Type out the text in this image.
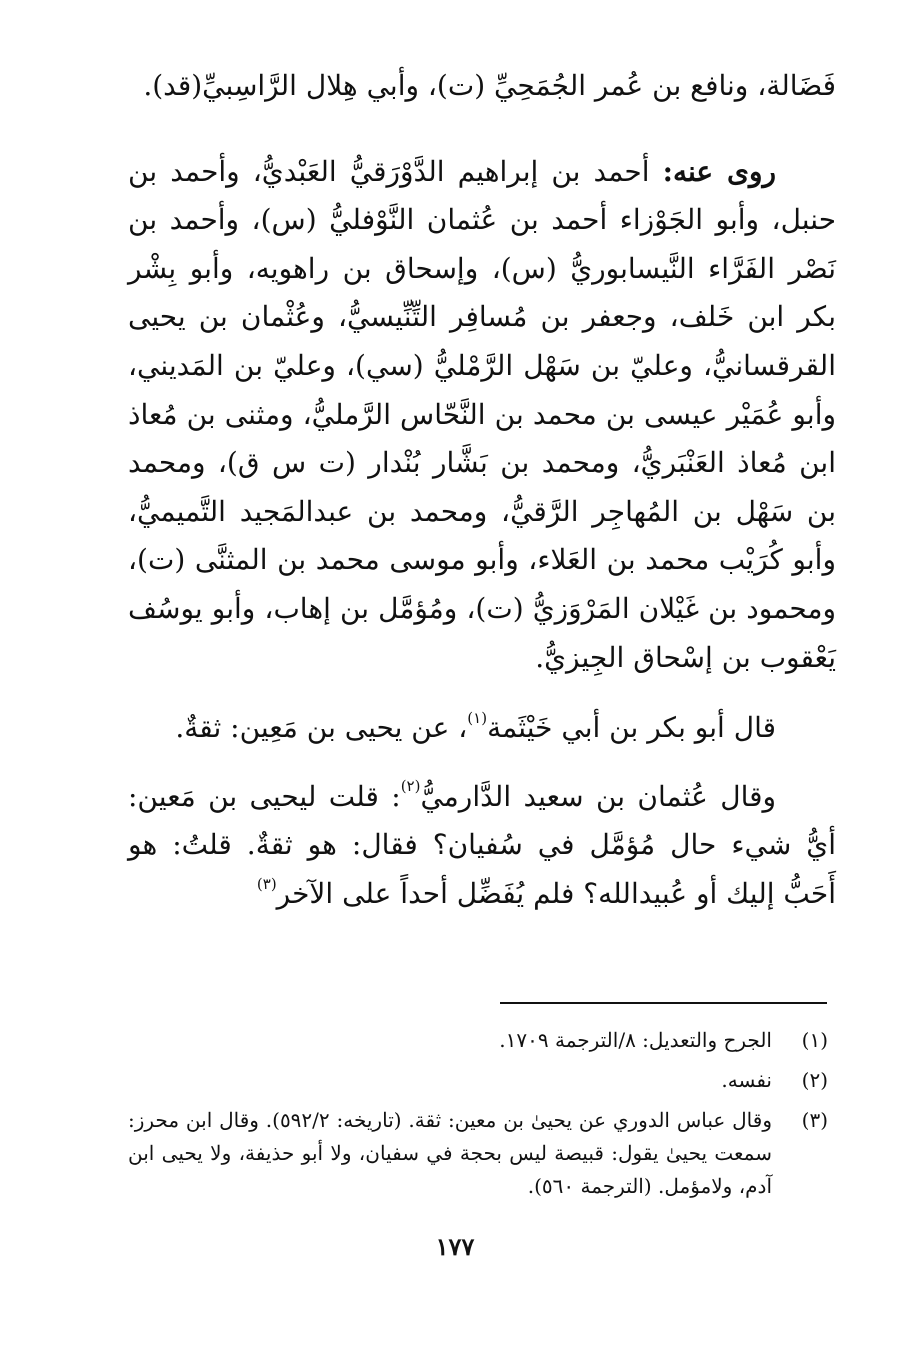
فَضَالة، ونافع بن عُمر الجُمَحِيِّ (ت)، وأبي هِلال الرَّاسِبيِّ(قد).

روى عنه: أحمد بن إبراهيم الدَّوْرَقيُّ العَبْديُّ، وأحمد بن حنبل، وأبو الجَوْزاء أحمد بن عُثمان النَّوْفليُّ (س)، وأحمد بن نَصْر الفَرَّاء النَّيسابوريُّ (س)، وإسحاق بن راهويه، وأبو بِشْر بكر ابن خَلف، وجعفر بن مُسافِر التِّنِّيسيُّ، وعُثْمان بن يحيى القرقسانيُّ، وعليّ بن سَهْل الرَّمْليُّ (سي)، وعليّ بن المَديني، وأبو عُمَيْر عيسى بن محمد بن النَّحّاس الرَّمليُّ، ومثنى بن مُعاذ ابن مُعاذ العَنْبَريُّ، ومحمد بن بَشَّار بُنْدار (ت س ق)، ومحمد بن سَهْل بن المُهاجِر الرَّقيُّ، ومحمد بن عبدالمَجيد التَّميميُّ، وأبو كُرَيْب محمد بن العَلاء، وأبو موسى محمد بن المثنَّى (ت)، ومحمود بن غَيْلان المَرْوَزيُّ (ت)، ومُؤمَّل بن إهاب، وأبو يوسُف يَعْقوب بن إسْحاق الجِيزيُّ.

قال أبو بكر بن أبي خَيْثَمة$^{(١)}$، عن يحيى بن مَعِين: ثقةٌ.

وقال عُثمان بن سعيد الدَّارميُّ$^{(٢)}$: قلت ليحيى بن مَعين: أيُّ شيء حال مُؤمَّل في سُفيان؟ فقال: هو ثقةٌ. قلتُ: هو أَحَبُّ إليك أو عُبيدالله؟ فلم يُفَضِّل أحداً على الآخر$^{(٣)}$

(١)
الجرح والتعديل: ٨/الترجمة ١٧٠٩.
(٢)
نفسه.
(٣)
وقال عباس الدوري عن يحيىٰ بن معين: ثقة. (تاريخه: ٥٩٢/٢). وقال ابن محرز: سمعت يحيىٰ يقول: قبيصة ليس بحجة في سفيان، ولا أبو حذيفة، ولا يحيى ابن آدم، ولامؤمل. (الترجمة ٥٦٠).
١٧٧
